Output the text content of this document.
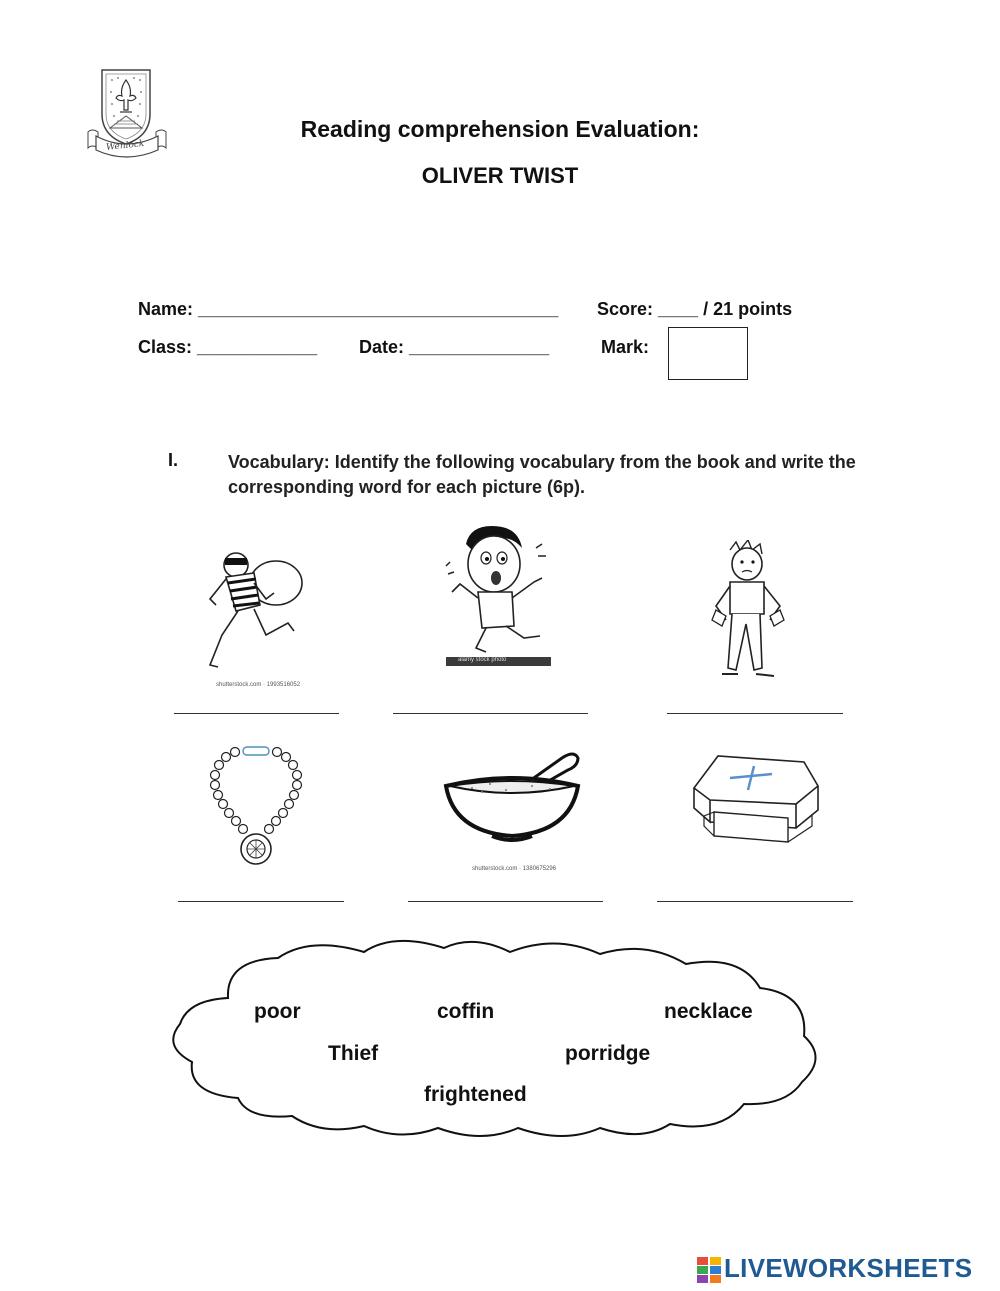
Wenlock
Reading comprehension Evaluation:
OLIVER TWIST
Name: ____________________________________ Score: ____ / 21 points
Class: ____________ Date: ______________	Mark:
I.	Vocabulary: Identify the following vocabulary from the book and write the corresponding word for each picture (6p).
shutterstock.com · 1993516052
alamy stock photo
shutterstock.com · 1380675296
poor	coffin	necklace
Thief	porridge
frightened
LIVEWORKSHEETS
